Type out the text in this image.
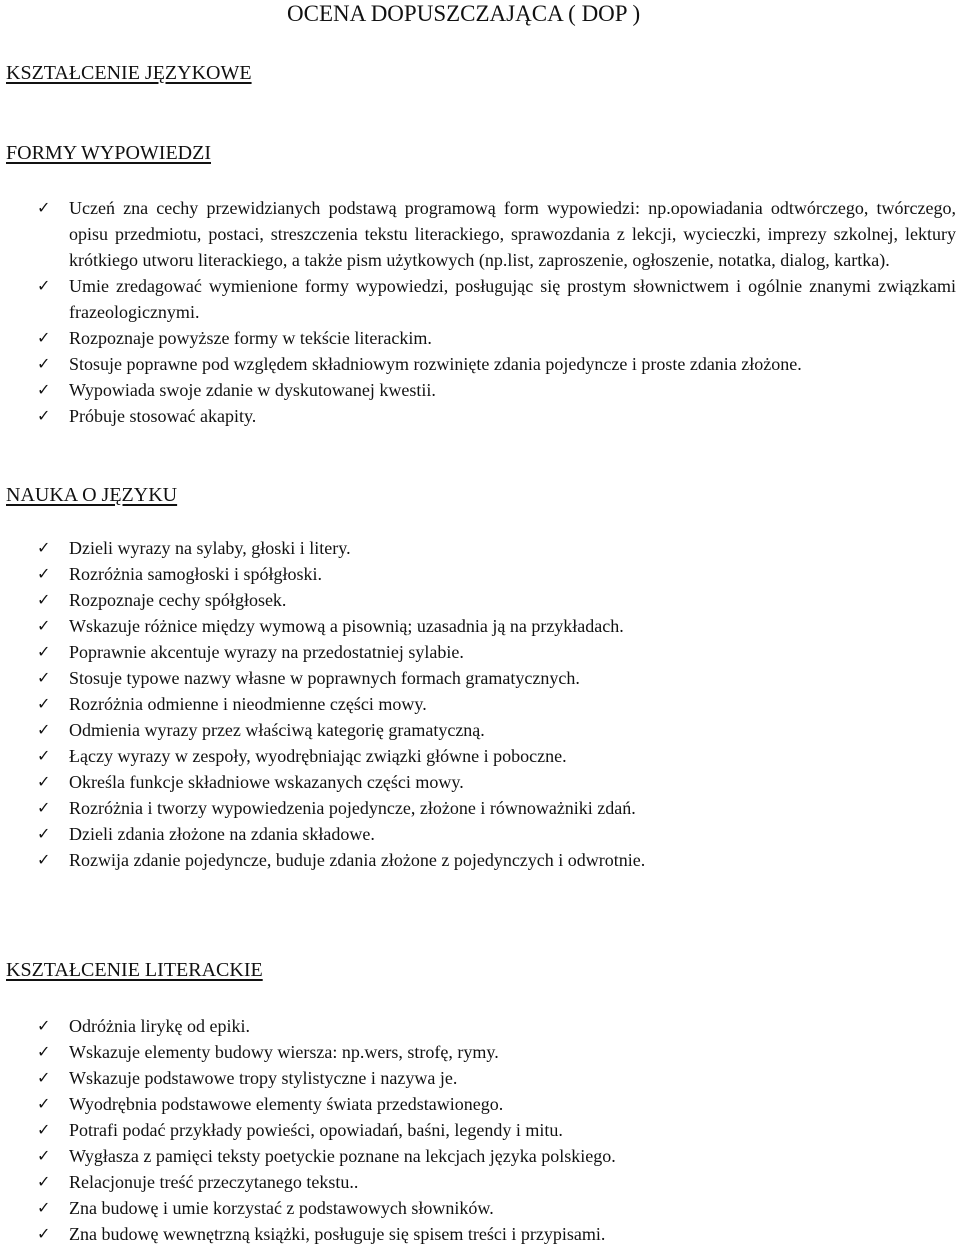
OCENA DOPUSZCZAJĄCA ( DOP )
KSZTAŁCENIE JĘZYKOWE
FORMY WYPOWIEDZI
✓ Uczeń zna cechy przewidzianych podstawą programową form wypowiedzi: np.opowiadania odtwórczego, twórczego, opisu przedmiotu, postaci, streszczenia tekstu literackiego, sprawozdania z lekcji, wycieczki, imprezy szkolnej, lektury krótkiego utworu literackiego, a także pism użytkowych (np.list, zaproszenie, ogłoszenie, notatka, dialog, kartka).
✓ Umie zredagować wymienione formy wypowiedzi, posługując się prostym słownictwem i ogólnie znanymi związkami frazeologicznymi.
✓ Rozpoznaje powyższe formy w tekście literackim.
✓ Stosuje poprawne pod względem składniowym rozwinięte zdania pojedyncze i proste zdania złożone.
✓ Wypowiada swoje zdanie w dyskutowanej kwestii.
✓ Próbuje stosować akapity.
NAUKA O JĘZYKU
✓ Dzieli wyrazy na sylaby, głoski i litery.
✓ Rozróżnia samogłoski i spółgłoski.
✓ Rozpoznaje cechy spółgłosek.
✓ Wskazuje różnice między wymową a pisownią; uzasadnia ją na przykładach.
✓ Poprawnie akcentuje wyrazy na przedostatniej sylabie.
✓ Stosuje typowe nazwy własne w poprawnych formach gramatycznych.
✓ Rozróżnia odmienne i nieodmienne części mowy.
✓ Odmienia wyrazy przez właściwą kategorię gramatyczną.
✓ Łączy wyrazy w zespoły, wyodrębniając związki główne i poboczne.
✓ Określa funkcje składniowe wskazanych części mowy.
✓ Rozróżnia i tworzy wypowiedzenia pojedyncze, złożone i równoważniki zdań.
✓ Dzieli zdania złożone na zdania składowe.
✓ Rozwija zdanie pojedyncze, buduje zdania złożone z pojedynczych i odwrotnie.
KSZTAŁCENIE LITERACKIE
✓ Odróżnia lirykę od epiki.
✓ Wskazuje elementy budowy wiersza: np.wers, strofę, rymy.
✓ Wskazuje podstawowe tropy stylistyczne i nazywa je.
✓ Wyodrębnia podstawowe elementy świata przedstawionego.
✓ Potrafi podać przykłady powieści, opowiadań, baśni, legendy i mitu.
✓ Wygłasza z pamięci teksty poetyckie poznane na lekcjach języka polskiego.
✓ Relacjonuje treść przeczytanego tekstu..
✓ Zna budowę i umie korzystać z podstawowych słowników.
✓ Zna budowę wewnętrzną książki, posługuje się spisem treści i przypisami.
